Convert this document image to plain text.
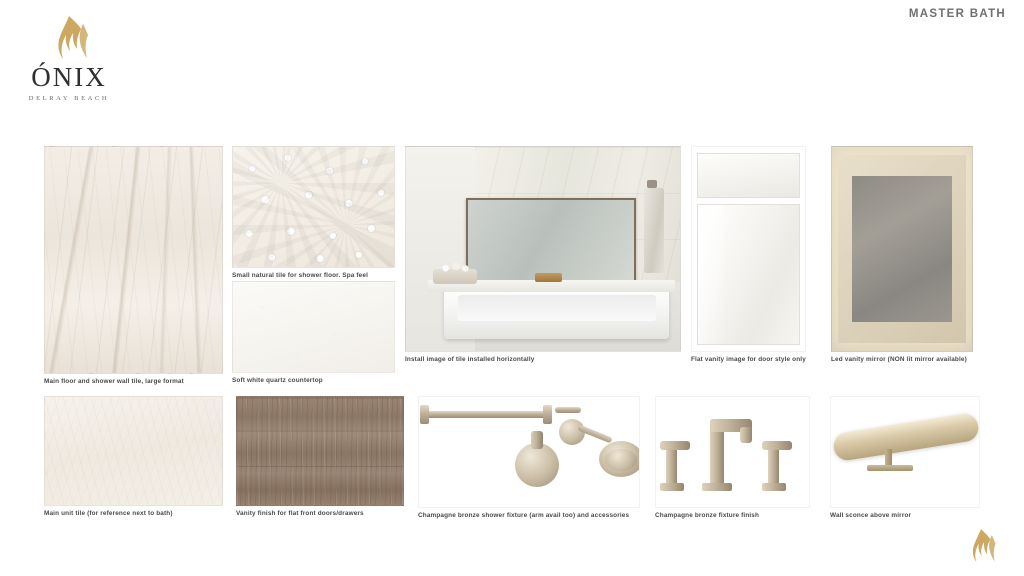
MASTER BATH
ÓNIX
DELRAY BEACH
Main floor and shower wall tile, large format
Small natural tile for shower floor. Spa feel
Soft white quartz countertop
Install image of tile installed horizontally	Flat vanity image for door style only	Led vanity mirror (NON lit mirror available)
Main unit tile (for reference next to bath)	Vanity finish for flat front doors/drawers	Champagne bronze shower fixture (arm avail too) and accessories	Champagne bronze fixture finish	Wall sconce above mirror
